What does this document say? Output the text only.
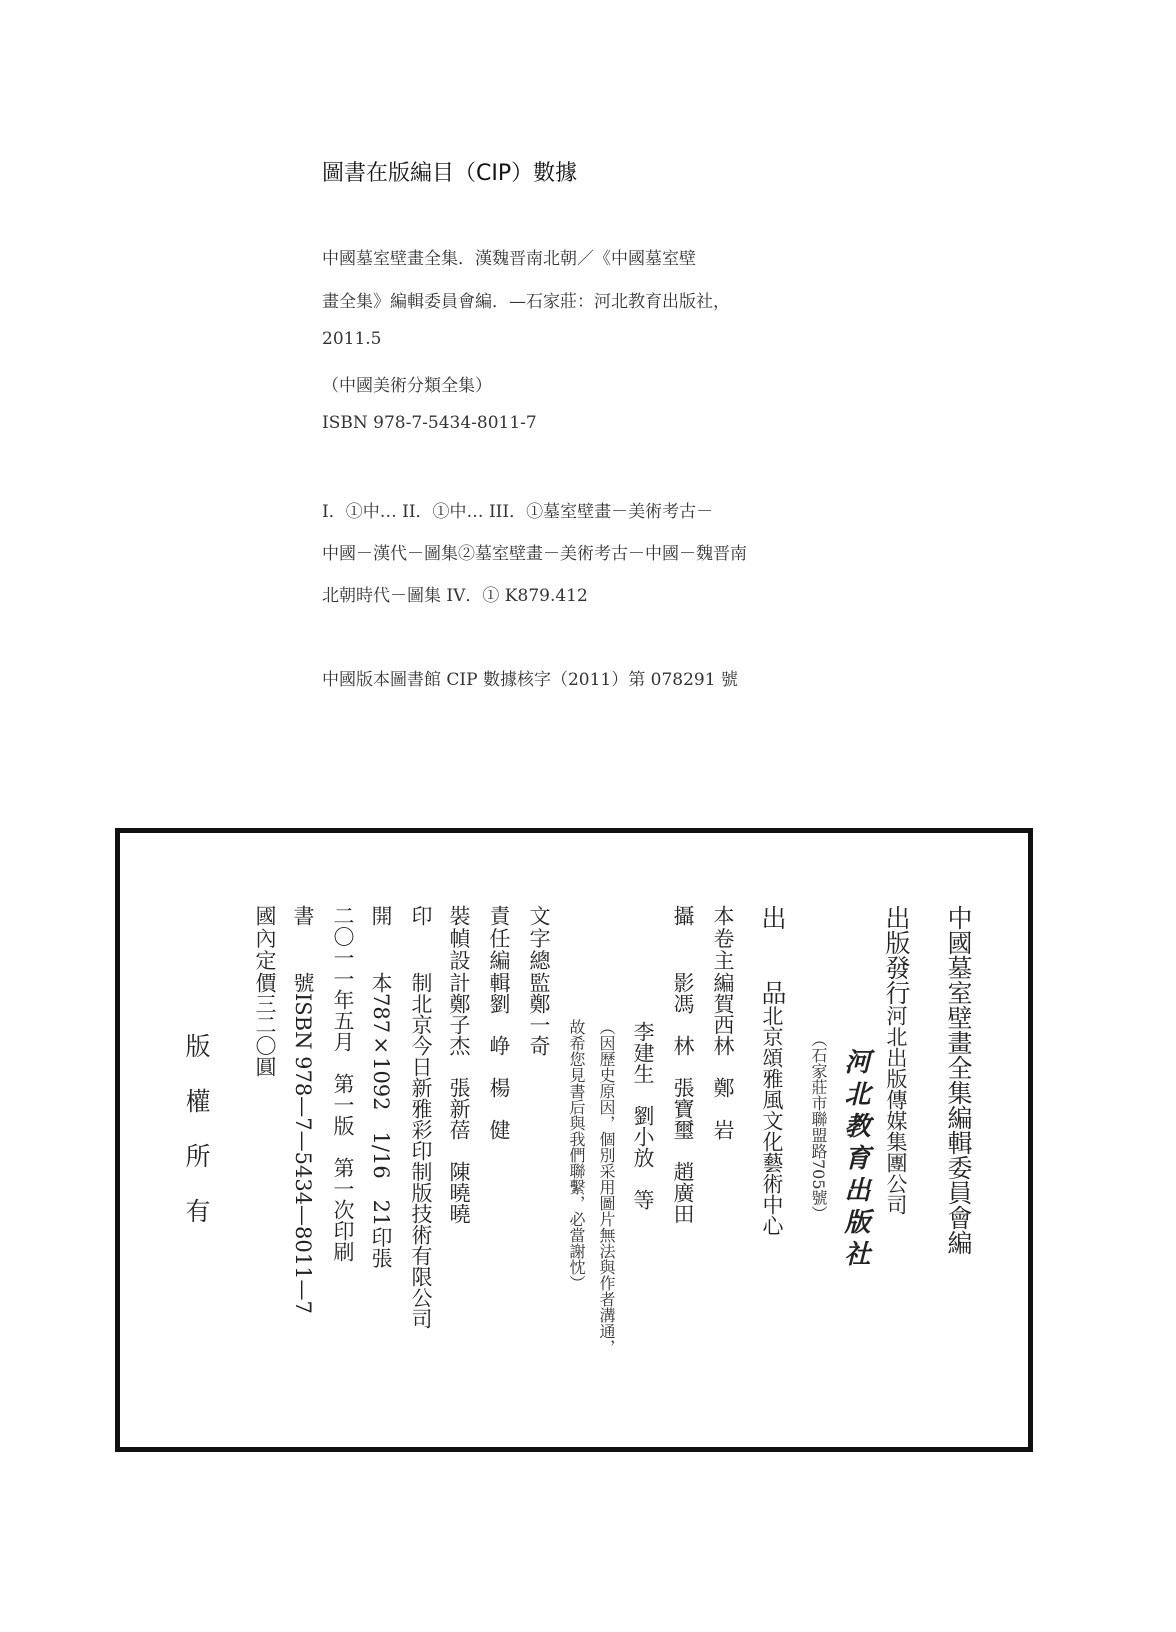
圖書在版編目（CIP）數據
中國墓室壁畫全集．漢魏晋南北朝／《中國墓室壁
畫全集》編輯委員會編．—石家莊：河北教育出版社，
2011.5
（中國美術分類全集）
ISBN 978-7-5434-8011-7
I．①中… II．①中… III．①墓室壁畫－美術考古－
中國－漢代－圖集②墓室壁畫－美術考古－中國－魏晋南
北朝時代－圖集 IV．① K879.412
中國版本圖書館 CIP 數據核字（2011）第 078291 號
中國墓室壁畫全集編輯委員會編
出版發行河北出版傳媒集團公司
河北教育出版社
（石家莊市聯盟路705號）
出　　品北京頌雅風文化藝術中心
本卷主編賀西林　鄭　岩
攝　　影馮　林　張寶璽　趙廣田
李建生　劉小放　等
（因歷史原因，個別采用圖片無法與作者溝通，
故希您見書后與我們聯繫，必當謝忱）
文字總監鄭一奇
責任編輯劉　峥　楊　健
裝幀設計鄭子杰　張新蓓　陳曉曉
印　　制北京今日新雅彩印制版技術有限公司
開　　本787×1092　1/16　21印張
二〇一一年五月　第一版　第一次印刷
書　　號ISBN 978—7—5434—8011—7
國內定價三二〇圓
版權所有
